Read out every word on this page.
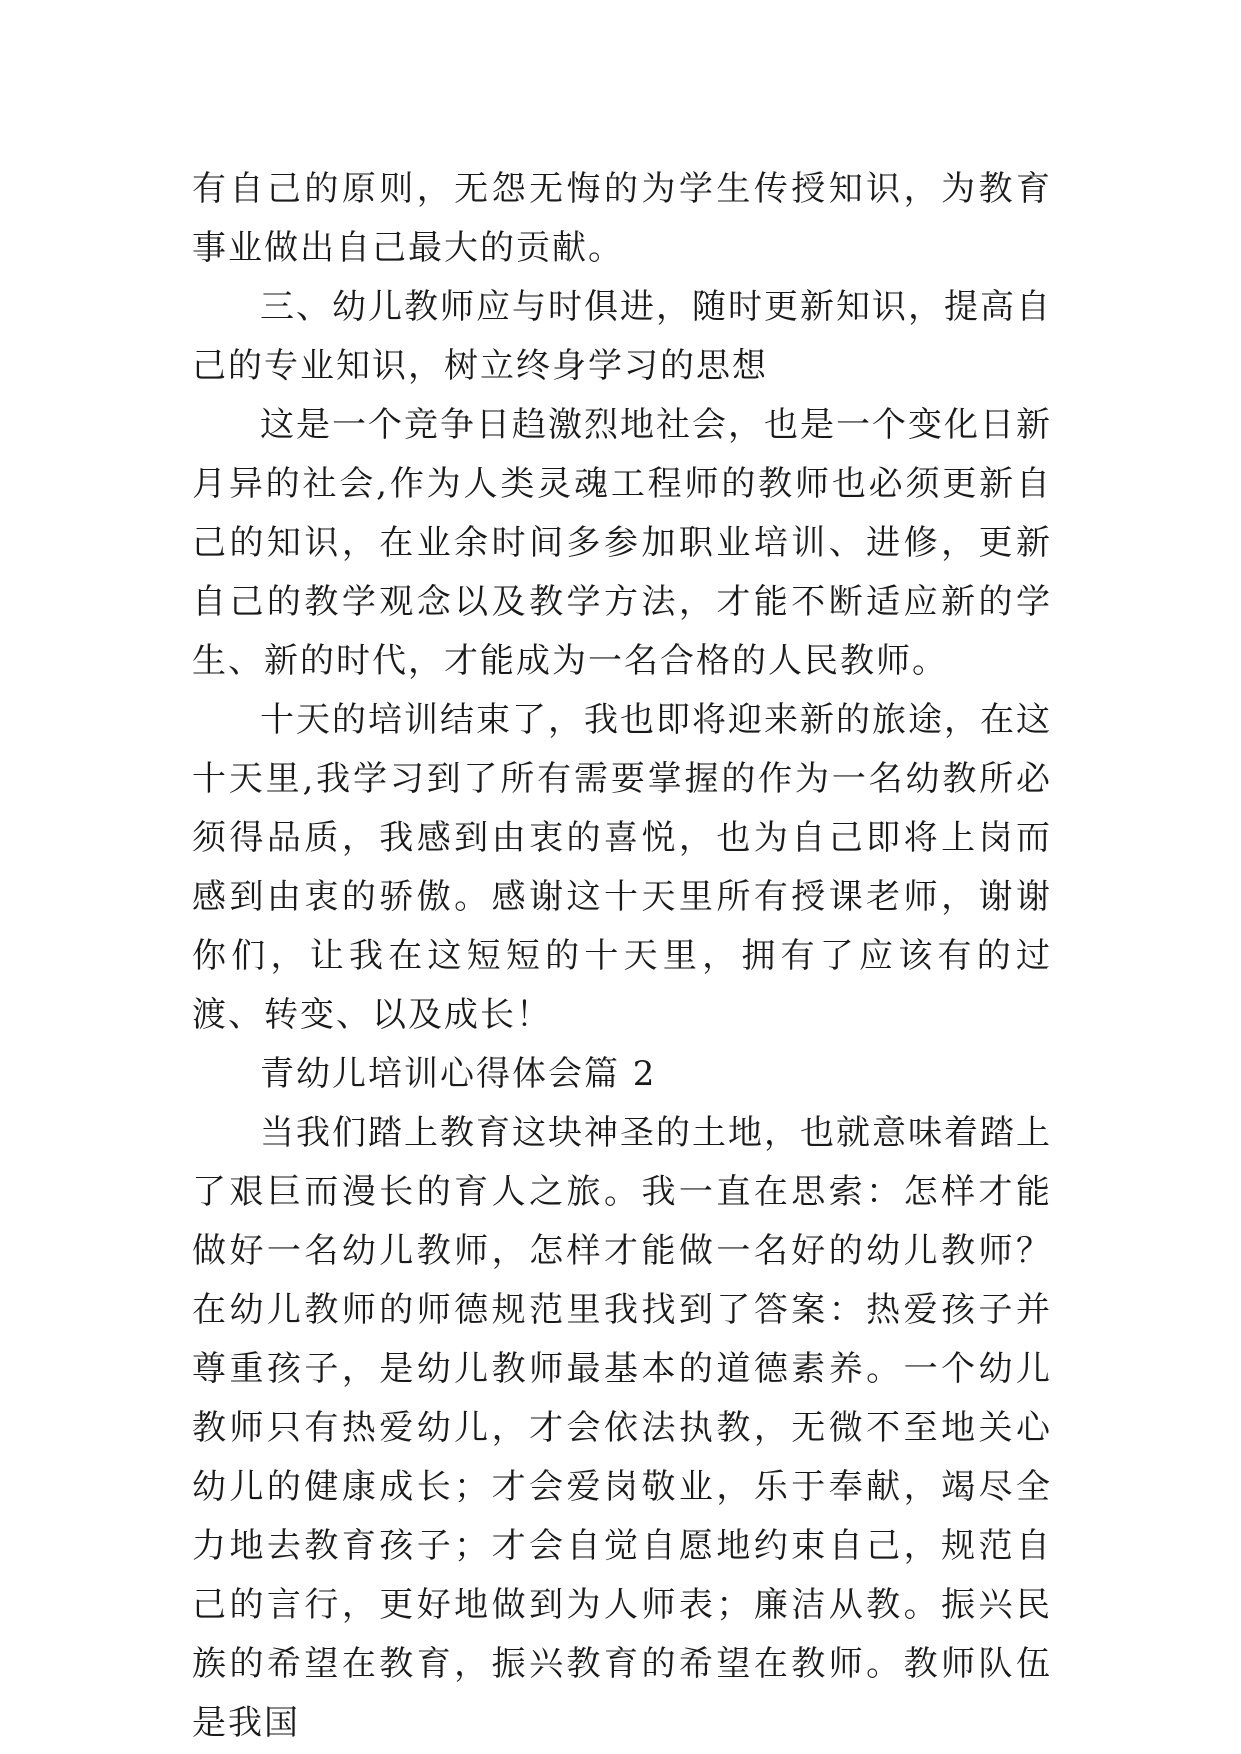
有自己的原则，无怨无悔的为学生传授知识，为教育事业做出自己最大的贡献。

三、幼儿教师应与时俱进，随时更新知识，提高自己的专业知识，树立终身学习的思想

这是一个竞争日趋激烈地社会，也是一个变化日新月异的社会,作为人类灵魂工程师的教师也必须更新自己的知识，在业余时间多参加职业培训、进修，更新自己的教学观念以及教学方法，才能不断适应新的学生、新的时代，才能成为一名合格的人民教师。

十天的培训结束了，我也即将迎来新的旅途，在这十天里,我学习到了所有需要掌握的作为一名幼教所必须得品质，我感到由衷的喜悦，也为自己即将上岗而感到由衷的骄傲。感谢这十天里所有授课老师，谢谢你们，让我在这短短的十天里，拥有了应该有的过渡、转变、以及成长！

青幼儿培训心得体会篇 2

当我们踏上教育这块神圣的土地，也就意味着踏上了艰巨而漫长的育人之旅。我一直在思索：怎样才能做好一名幼儿教师，怎样才能做一名好的幼儿教师？在幼儿教师的师德规范里我找到了答案：热爱孩子并尊重孩子，是幼儿教师最基本的道德素养。一个幼儿教师只有热爱幼儿，才会依法执教，无微不至地关心幼儿的健康成长；才会爱岗敬业，乐于奉献，竭尽全力地去教育孩子；才会自觉自愿地约束自己，规范自己的言行，更好地做到为人师表；廉洁从教。振兴民族的希望在教育，振兴教育的希望在教师。教师队伍是我国
